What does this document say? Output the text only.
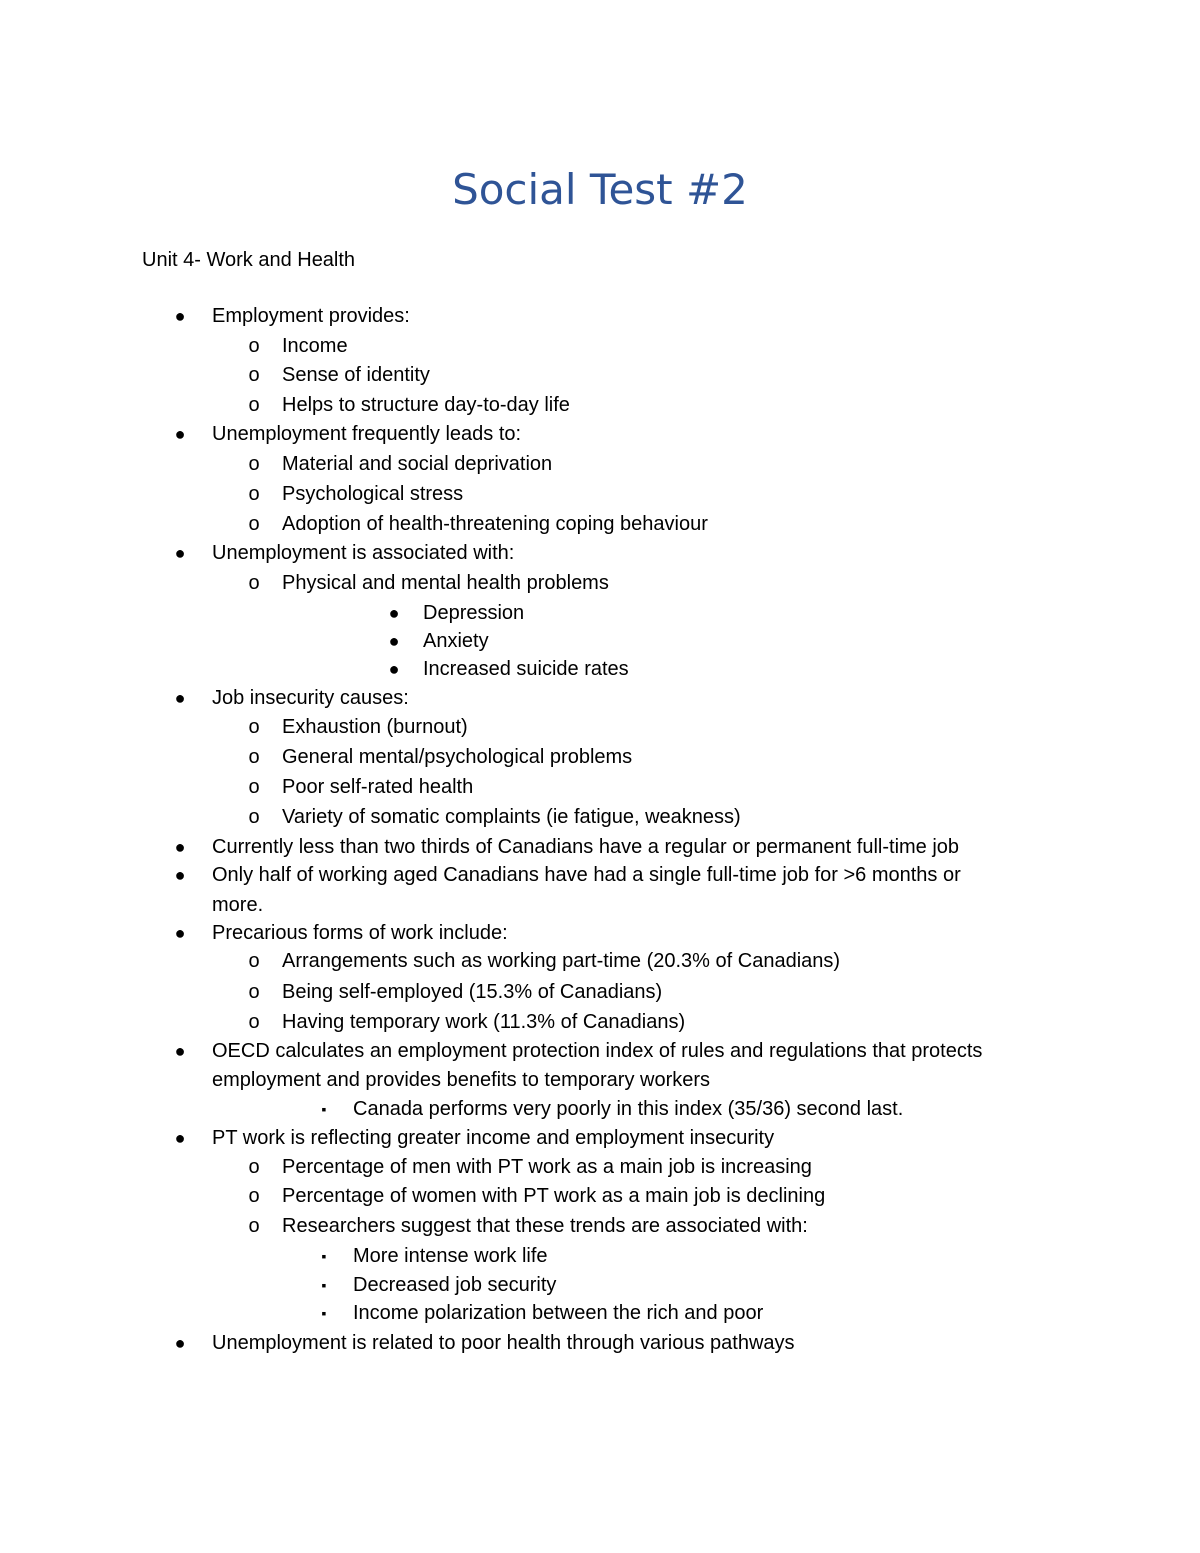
Social Test #2
Unit 4- Work and Health
●	Employment provides:
o	Income
o	Sense of identity
o	Helps to structure day-to-day life
●	Unemployment frequently leads to:
o	Material and social deprivation
o	Psychological stress
o	Adoption of health-threatening coping behaviour
●	Unemployment is associated with:
o	Physical and mental health problems
●	Depression
●	Anxiety
●	Increased suicide rates
●	Job insecurity causes:
o	Exhaustion (burnout)
o	General mental/psychological problems
o	Poor self-rated health
o	Variety of somatic complaints (ie fatigue, weakness)
●	Currently less than two thirds of Canadians have a regular or permanent full-time job
●	Only half of working aged Canadians have had a single full-time job for >6 months or
more.
●	Precarious forms of work include:
o	Arrangements such as working part-time (20.3% of Canadians)
o	Being self-employed (15.3% of Canadians)
o	Having temporary work (11.3% of Canadians)
●	OECD calculates an employment protection index of rules and regulations that protects
employment and provides benefits to temporary workers
▪	Canada performs very poorly in this index (35/36) second last.
●	PT work is reflecting greater income and employment insecurity
o	Percentage of men with PT work as a main job is increasing
o	Percentage of women with PT work as a main job is declining
o	Researchers suggest that these trends are associated with:
▪	More intense work life
▪	Decreased job security
▪	Income polarization between the rich and poor
●	Unemployment is related to poor health through various pathways
